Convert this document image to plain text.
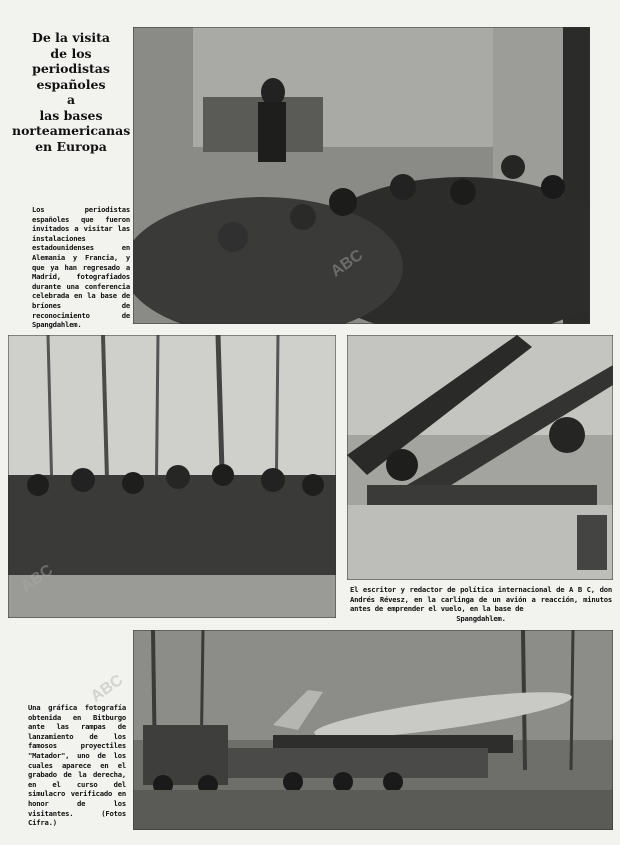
De la visita
de los
periodistas
españoles
a
las bases
norteamericanas
en Europa
Los periodistas españoles que fueron invitados a visitar las instalaciones estadounidenses en Alemania y Francia, y que ya han regresado a Madrid, fotografiados durante una conferencia celebrada en la base de bríones de reconocimiento de Spangdahlem.
El escritor y redactor de política internacional de A B C, don Andrés Révesz, en la carlinga de un avión a reacción, minutos antes de emprender el vuelo, en la base de
Spangdahlem.
Una gráfica fotografía obtenida en Bitburgo ante las rampas de lanzamiento de los famosos proyectiles "Matador", uno de los cuales aparece en el grabado de la derecha, en el curso del simulacro verificado en honor de los visitantes. (Fotos Cifra.)
ABC
ABC
ABC
